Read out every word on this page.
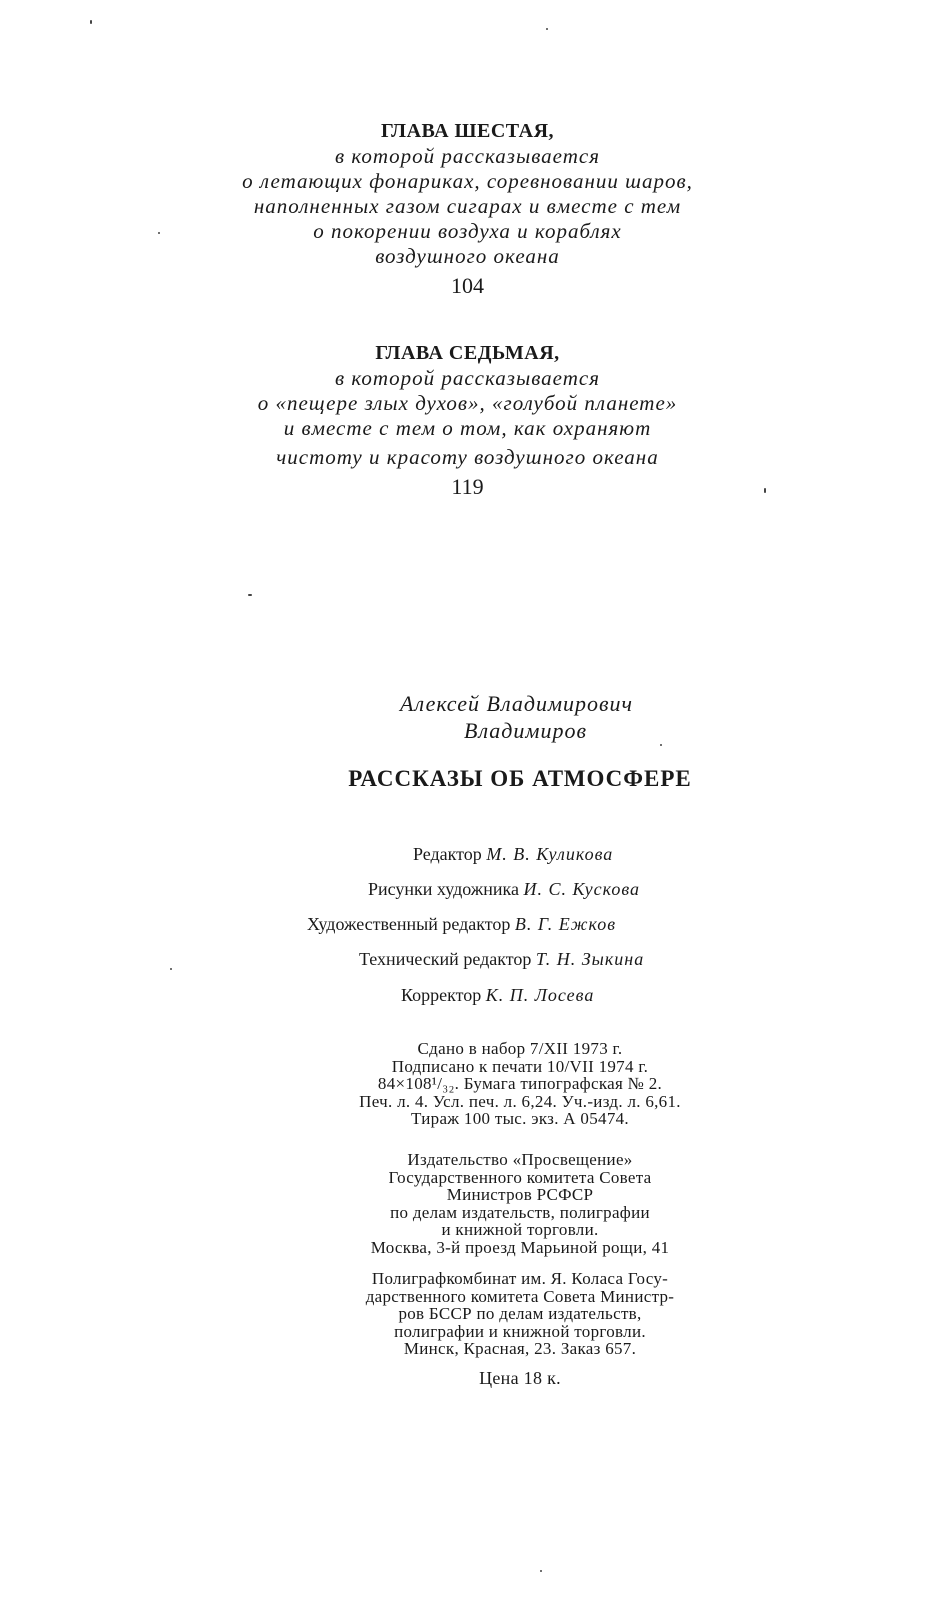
ГЛАВА ШЕСТАЯ,
в которой рассказывается
о летающих фонариках, соревновании шаров,
наполненных газом сигарах и вместе с тем
о покорении воздуха и кораблях
воздушного океана
104
ГЛАВА СЕДЬМАЯ,
в которой рассказывается
о «пещере злых духов», «голубой планете»
и вместе с тем о том, как охраняют
чистоту и красоту воздушного океана
119
Алексей Владимирович
Владимиров
РАССКАЗЫ ОБ АТМОСФЕРЕ
Редактор М. В. Куликова
Рисунки художника И. С. Кускова
Художественный редактор В. Г. Ежков
Технический редактор Т. Н. Зыкина
Корректор К. П. Лосева
Сдано в набор 7/XII 1973 г.
Подписано к печати 10/VII 1974 г.
84×108¹/₃₂. Бумага типографская № 2.
Печ. л. 4. Усл. печ. л. 6,24. Уч.-изд. л. 6,61.
Тираж 100 тыс. экз. А 05474.
Издательство «Просвещение»
Государственного комитета Совета
Министров РСФСР
по делам издательств, полиграфии
и книжной торговли.
Москва, 3-й проезд Марьиной рощи, 41
Полиграфкомбинат им. Я. Коласа Госу-
дарственного комитета Совета Министр-
ров БССР по делам издательств,
полиграфии и книжной торговли.
Минск, Красная, 23. Заказ 657.
Цена 18 к.
